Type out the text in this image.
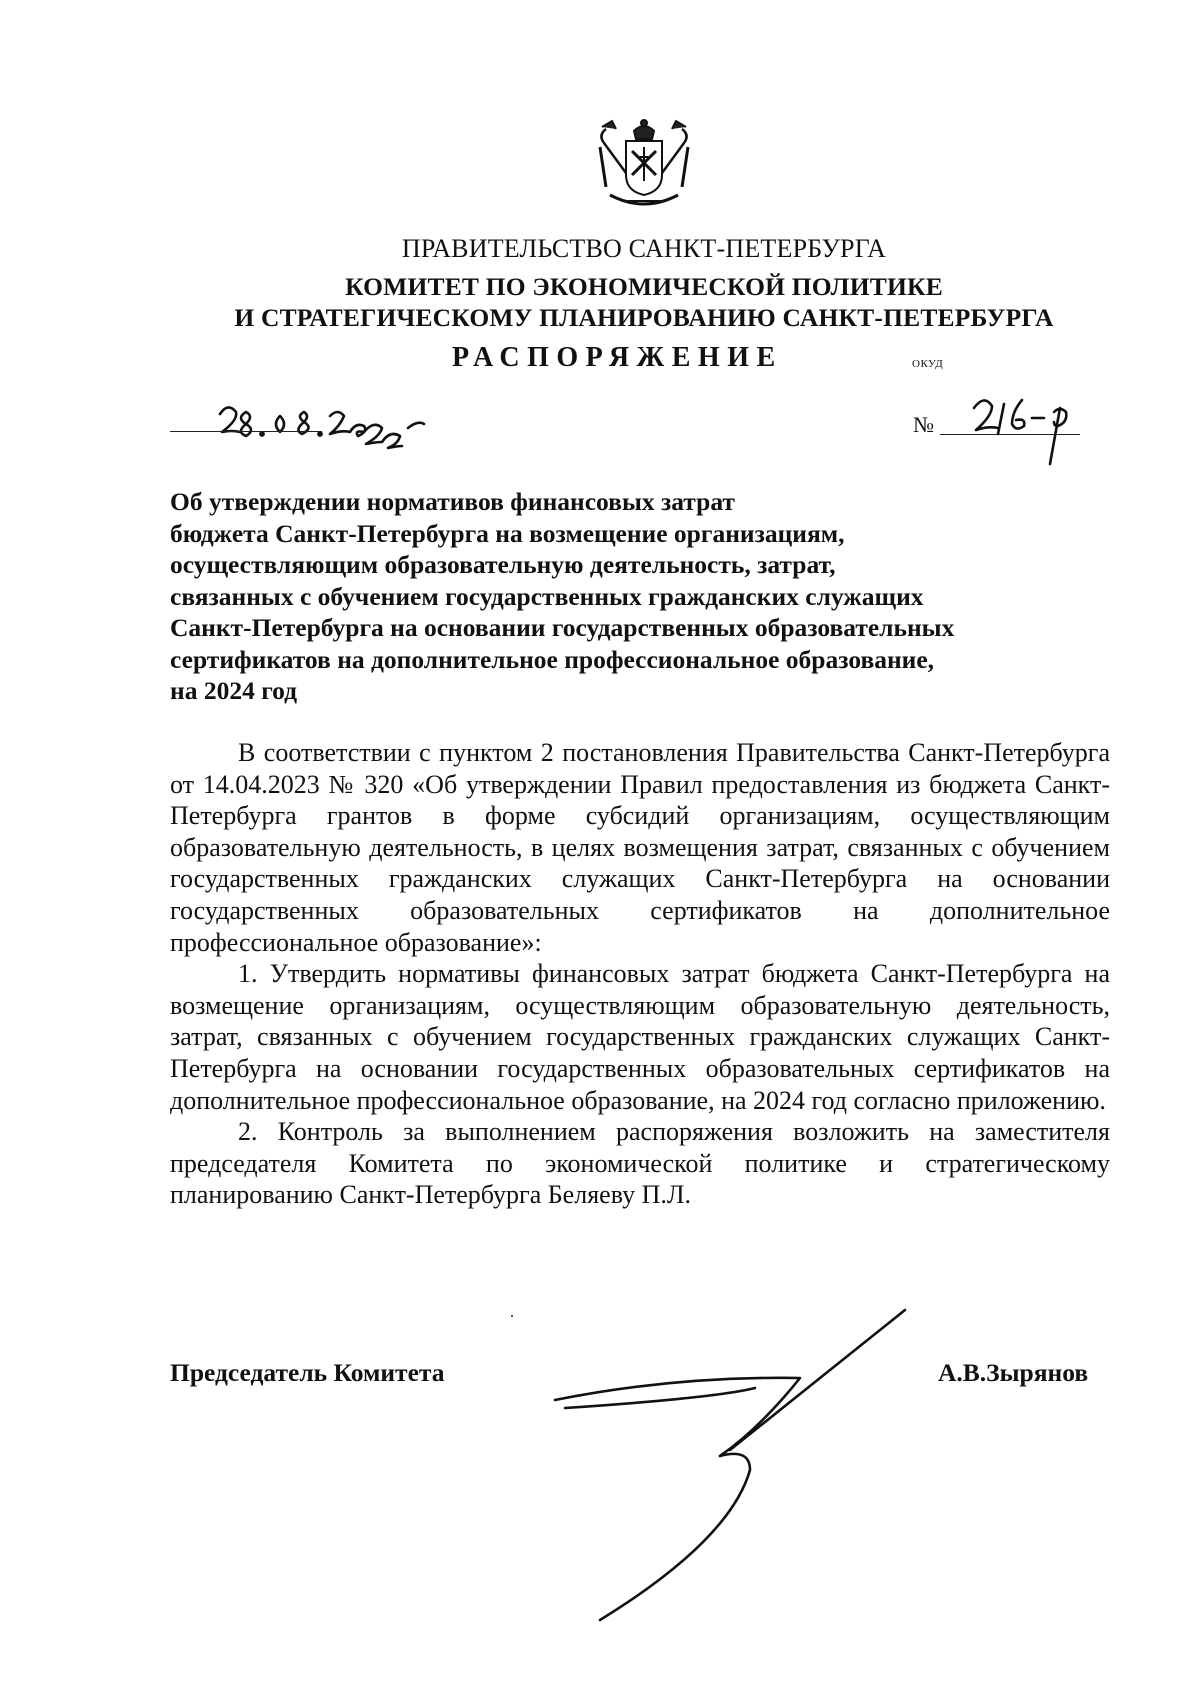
ПРАВИТЕЛЬСТВО САНКТ-ПЕТЕРБУРГА
КОМИТЕТ ПО ЭКОНОМИЧЕСКОЙ ПОЛИТИКЕ
И СТРАТЕГИЧЕСКОМУ ПЛАНИРОВАНИЮ САНКТ-ПЕТЕРБУРГА
РАСПОРЯЖЕНИЕ	ОКУД
№
Об утверждении нормативов финансовых затрат
бюджета Санкт-Петербурга на возмещение организациям,
осуществляющим образовательную деятельность, затрат,
связанных с обучением государственных гражданских служащих
Санкт-Петербурга на основании государственных образовательных
сертификатов на дополнительное профессиональное образование,
на 2024 год
В соответствии с пунктом 2 постановления Правительства Санкт-Петербурга от 14.04.2023 № 320 «Об утверждении Правил предоставления из бюджета Санкт-Петербурга грантов в форме субсидий организациям, осуществляющим образовательную деятельность, в целях возмещения затрат, связанных с обучением государственных гражданских служащих Санкт-Петербурга на основании государственных образовательных сертификатов на дополнительное профессиональное образование»:
1. Утвердить нормативы финансовых затрат бюджета Санкт-Петербурга на возмещение организациям, осуществляющим образовательную деятельность, затрат, связанных с обучением государственных гражданских служащих Санкт-Петербурга на основании государственных образовательных сертификатов на дополнительное профессиональное образование, на 2024 год согласно приложению.
2. Контроль за выполнением распоряжения возложить на заместителя председателя Комитета по экономической политике и стратегическому планированию Санкт-Петербурга Беляеву П.Л.
Председатель Комитета	А.В.Зырянов
